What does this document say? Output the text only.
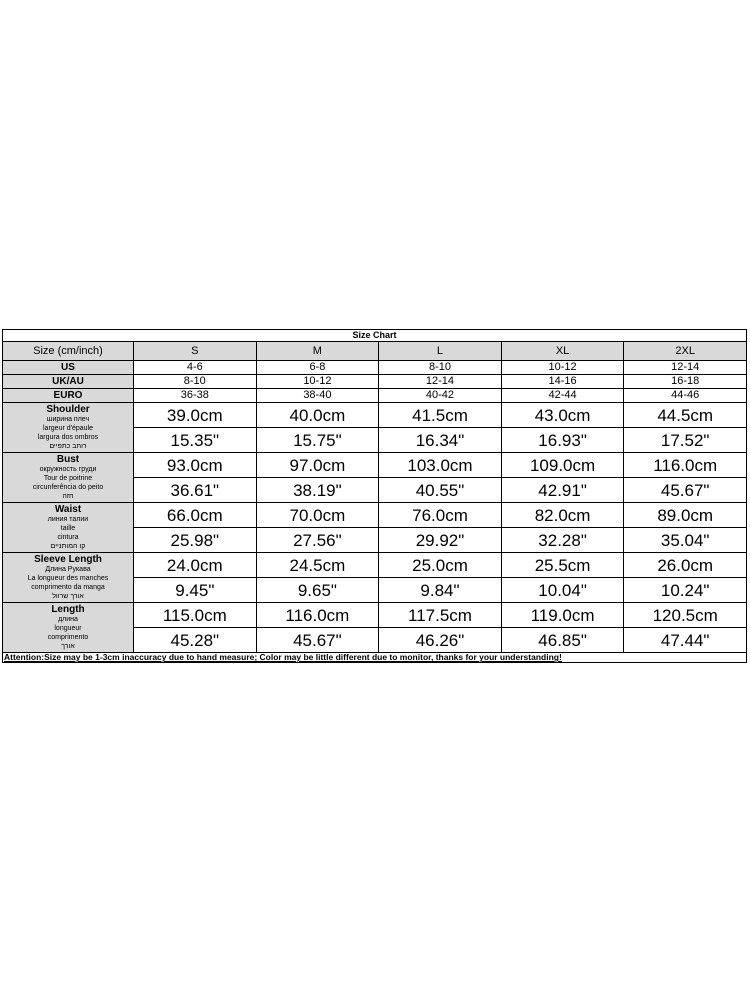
Size Chart					
Size (cm/inch)	S	M	L	XL	2XL
US	4-6	6-8	8-10	10-12	12-14
UK/AU	8-10	10-12	12-14	14-16	16-18
EURO	36-38	38-40	40-42	42-44	44-46

Shoulder
ширина плеч
largeur d'épaule
largura dos ombros
רוחב כתפיים	39.0cm	40.0cm	41.5cm	43.0cm	44.5cm
	15.35"	15.75"	16.34"	16.93"	17.52"

Bust
окружность груди
Tour de poitrine
circunferência do peito
חזה	93.0cm	97.0cm	103.0cm	109.0cm	116.0cm
	36.61"	38.19"	40.55"	42.91"	45.67"

Waist
линия талии
taille
cintura
קו המותניים	66.0cm	70.0cm	76.0cm	82.0cm	89.0cm
	25.98"	27.56"	29.92"	32.28"	35.04"

Sleeve Length
Длина Рукава
La longueur des manches
comprimento da manga
אורך שרוול	24.0cm	24.5cm	25.0cm	25.5cm	26.0cm
	9.45"	9.65"	9.84"	10.04"	10.24"

Length
длина
longueur
comprimento
אורך	115.0cm	116.0cm	117.5cm	119.0cm	120.5cm
	45.28"	45.67"	46.26"	46.85"	47.44"
Attention:Size may be 1-3cm inaccuracy due to hand measure; Color may be little different due to monitor, thanks for your understanding!					
